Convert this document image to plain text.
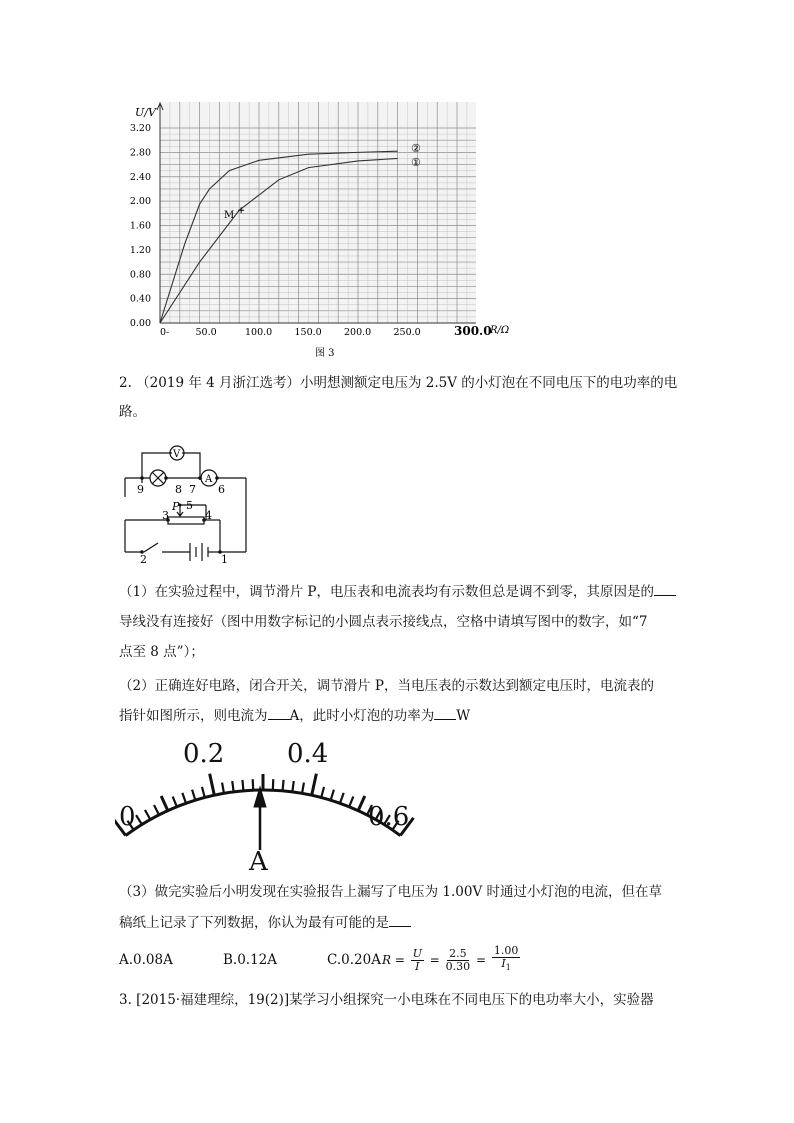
U/V
R/Ω
0.00
0.40
0.80
1.20
1.60
2.00
2.40
2.80
3.20
0-	50.0	100.0 150.0 200.0 250.0	300.0
M
②
①
图 3
2. （2019 年 4 月浙江选考）小明想测额定电压为 2.5V 的小灯泡在不同电压下的电功率的电
路。
V
A
9	8 7 6
3
P 5
4
2	1
（1）在实验过程中，调节滑片 P，电压表和电流表均有示数但总是调不到零，其原因是的
导线没有连接好（图中用数字标记的小圆点表示接线点，空格中请填写图中的数字，如“7
点至 8 点”）；
（2）正确连好电路，闭合开关，调节滑片 P，当电压表的示数达到额定电压时，电流表的
指针如图所示，则电流为 A，此时小灯泡的功率为 W
0
0.2 0.4
0.6
A
（3）做完实验后小明发现在实验报告上漏写了电压为 1.00V 时通过小灯泡的电流，但在草
稿纸上记录了下列数据，你认为最有可能的是
A.0.08A	B.0.12A	C.0.20A $R = \frac{U}{I} = \frac{2.5}{0.30} = \frac{1.00}{I_1}$
3. [2015·福建理综，19(2)]某学习小组探究一小电珠在不同电压下的电功率大小，实验器
